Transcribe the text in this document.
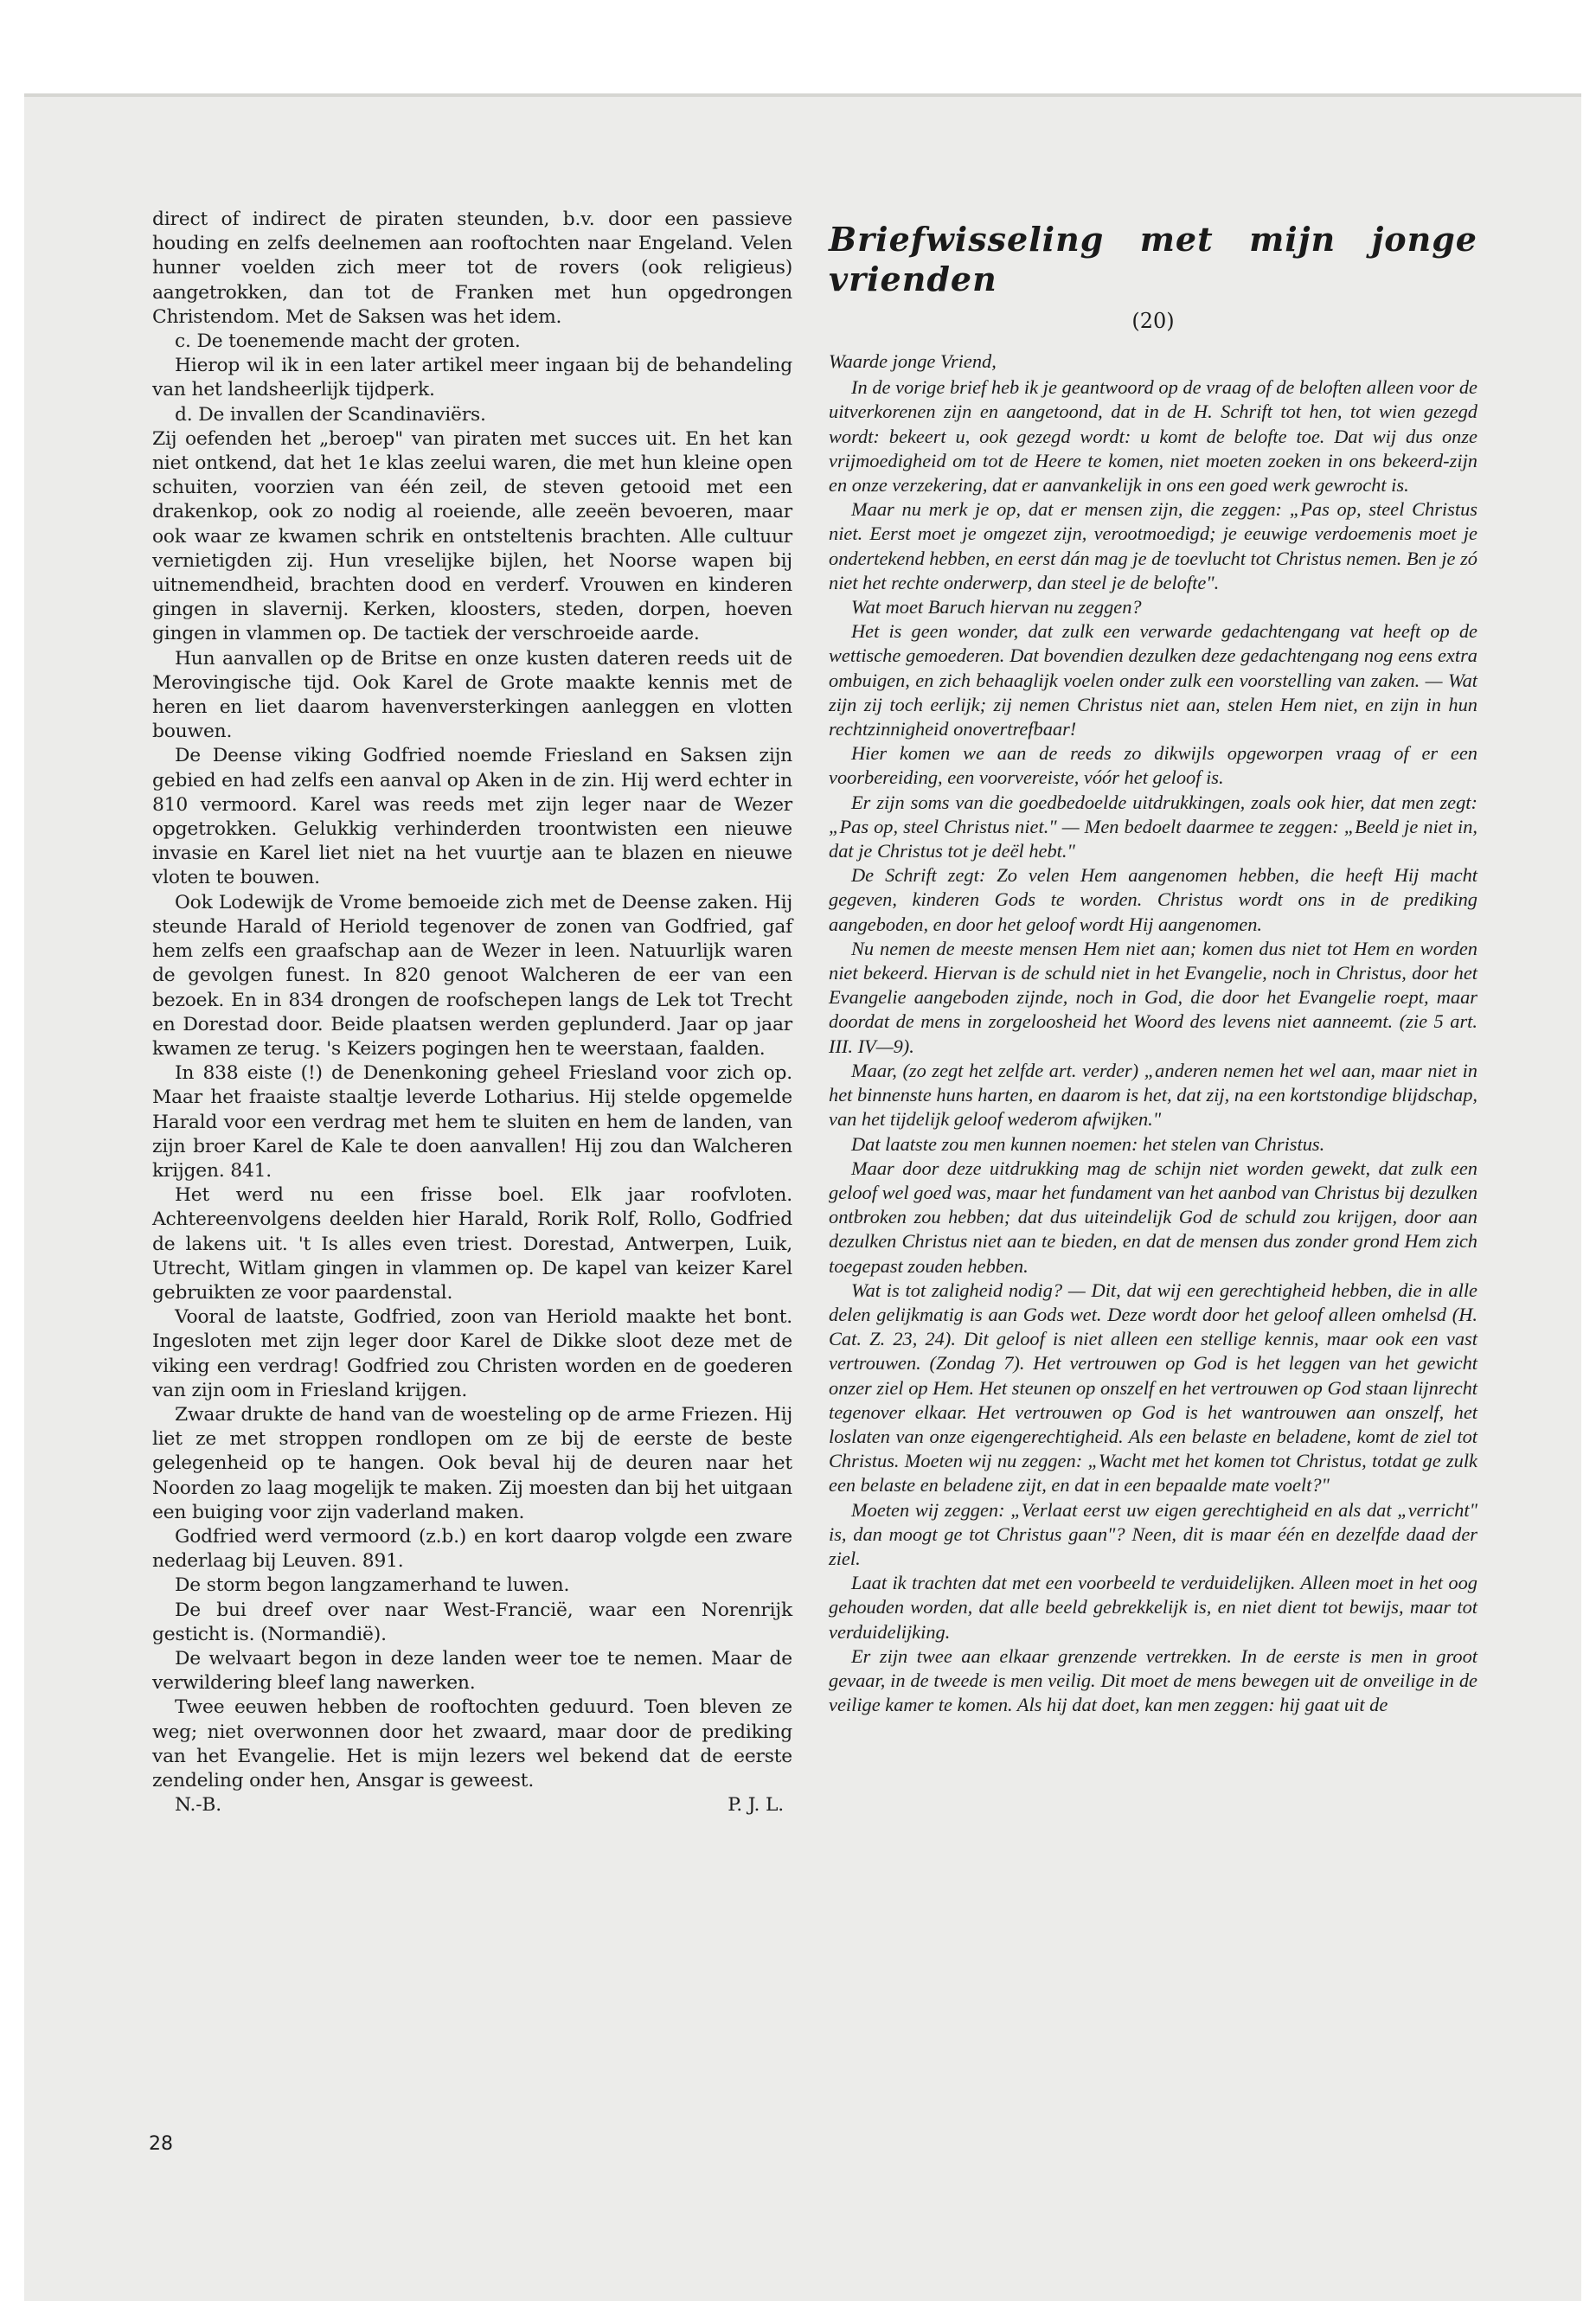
direct of indirect de piraten steunden, b.v. door een passieve houding en zelfs deelnemen aan rooftochten naar Engeland. Velen hunner voelden zich meer tot de rovers (ook religieus) aangetrokken, dan tot de Franken met hun opgedrongen Christendom. Met de Saksen was het idem.

c. De toenemende macht der groten.

Hierop wil ik in een later artikel meer ingaan bij de behandeling van het landsheerlijk tijdperk.

d. De invallen der Scandinaviërs.

Zij oefenden het „beroep" van piraten met succes uit. En het kan niet ontkend, dat het 1e klas zeelui waren, die met hun kleine open schuiten, voorzien van één zeil, de steven getooid met een drakenkop, ook zo nodig al roeiende, alle zeeën bevoeren, maar ook waar ze kwamen schrik en ontsteltenis brachten. Alle cultuur vernietigden zij. Hun vreselijke bijlen, het Noorse wapen bij uitnemendheid, brachten dood en verderf. Vrouwen en kinderen gingen in slavernij. Kerken, kloosters, steden, dorpen, hoeven gingen in vlammen op. De tactiek der verschroeide aarde.

Hun aanvallen op de Britse en onze kusten dateren reeds uit de Merovingische tijd. Ook Karel de Grote maakte kennis met de heren en liet daarom havenversterkingen aanleggen en vlotten bouwen.

De Deense viking Godfried noemde Friesland en Saksen zijn gebied en had zelfs een aanval op Aken in de zin. Hij werd echter in 810 vermoord. Karel was reeds met zijn leger naar de Wezer opgetrokken. Gelukkig verhinderden troontwisten een nieuwe invasie en Karel liet niet na het vuurtje aan te blazen en nieuwe vloten te bouwen.

Ook Lodewijk de Vrome bemoeide zich met de Deense zaken. Hij steunde Harald of Heriold tegenover de zonen van Godfried, gaf hem zelfs een graafschap aan de Wezer in leen. Natuurlijk waren de gevolgen funest. In 820 genoot Walcheren de eer van een bezoek. En in 834 drongen de roofschepen langs de Lek tot Trecht en Dorestad door. Beide plaatsen werden geplunderd. Jaar op jaar kwamen ze terug. 's Keizers pogingen hen te weerstaan, faalden.

In 838 eiste (!) de Denenkoning geheel Friesland voor zich op. Maar het fraaiste staaltje leverde Lotharius. Hij stelde opgemelde Harald voor een verdrag met hem te sluiten en hem de landen, van zijn broer Karel de Kale te doen aanvallen! Hij zou dan Walcheren krijgen. 841.

Het werd nu een frisse boel. Elk jaar roofvloten. Achtereenvolgens deelden hier Harald, Rorik Rolf, Rollo, Godfried de lakens uit. 't Is alles even triest. Dorestad, Antwerpen, Luik, Utrecht, Witlam gingen in vlammen op. De kapel van keizer Karel gebruikten ze voor paardenstal.

Vooral de laatste, Godfried, zoon van Heriold maakte het bont. Ingesloten met zijn leger door Karel de Dikke sloot deze met de viking een verdrag! Godfried zou Christen worden en de goederen van zijn oom in Friesland krijgen.

Zwaar drukte de hand van de woesteling op de arme Friezen. Hij liet ze met stroppen rondlopen om ze bij de eerste de beste gelegenheid op te hangen. Ook beval hij de deuren naar het Noorden zo laag mogelijk te maken. Zij moesten dan bij het uitgaan een buiging voor zijn vaderland maken.

Godfried werd vermoord (z.b.) en kort daarop volgde een zware nederlaag bij Leuven. 891.

De storm begon langzamerhand te luwen.

De bui dreef over naar West-Francië, waar een Norenrijk gesticht is. (Normandië).

De welvaart begon in deze landen weer toe te nemen. Maar de verwildering bleef lang nawerken.

Twee eeuwen hebben de rooftochten geduurd. Toen bleven ze weg; niet overwonnen door het zwaard, maar door de prediking van het Evangelie. Het is mijn lezers wel bekend dat de eerste zendeling onder hen, Ansgar is geweest.

N.-B.	P. J. L.

Briefwisseling met mijn jonge vrienden

(20)

Waarde jonge Vriend,

In de vorige brief heb ik je geantwoord op de vraag of de beloften alleen voor de uitverkorenen zijn en aangetoond, dat in de H. Schrift tot hen, tot wien gezegd wordt: bekeert u, ook gezegd wordt: u komt de belofte toe. Dat wij dus onze vrijmoedigheid om tot de Heere te komen, niet moeten zoeken in ons bekeerd-zijn en onze verzekering, dat er aanvankelijk in ons een goed werk gewrocht is.

Maar nu merk je op, dat er mensen zijn, die zeggen: „Pas op, steel Christus niet. Eerst moet je omgezet zijn, verootmoedigd; je eeuwige verdoemenis moet je ondertekend hebben, en eerst dán mag je de toevlucht tot Christus nemen. Ben je zó niet het rechte onderwerp, dan steel je de belofte".

Wat moet Baruch hiervan nu zeggen?

Het is geen wonder, dat zulk een verwarde gedachtengang vat heeft op de wettische gemoederen. Dat bovendien dezulken deze gedachtengang nog eens extra ombuigen, en zich behaaglijk voelen onder zulk een voorstelling van zaken. — Wat zijn zij toch eerlijk; zij nemen Christus niet aan, stelen Hem niet, en zijn in hun rechtzinnigheid onovertrefbaar!

Hier komen we aan de reeds zo dikwijls opgeworpen vraag of er een voorbereiding, een voorvereiste, vóór het geloof is.

Er zijn soms van die goedbedoelde uitdrukkingen, zoals ook hier, dat men zegt: „Pas op, steel Christus niet." — Men bedoelt daarmee te zeggen: „Beeld je niet in, dat je Christus tot je deël hebt."

De Schrift zegt: Zo velen Hem aangenomen hebben, die heeft Hij macht gegeven, kinderen Gods te worden. Christus wordt ons in de prediking aangeboden, en door het geloof wordt Hij aangenomen.

Nu nemen de meeste mensen Hem niet aan; komen dus niet tot Hem en worden niet bekeerd. Hiervan is de schuld niet in het Evangelie, noch in Christus, door het Evangelie aangeboden zijnde, noch in God, die door het Evangelie roept, maar doordat de mens in zorgeloosheid het Woord des levens niet aanneemt. (zie 5 art. III. IV—9).

Maar, (zo zegt het zelfde art. verder) „anderen nemen het wel aan, maar niet in het binnenste huns harten, en daarom is het, dat zij, na een kortstondige blijdschap, van het tijdelijk geloof wederom afwijken."

Dat laatste zou men kunnen noemen: het stelen van Christus.

Maar door deze uitdrukking mag de schijn niet worden gewekt, dat zulk een geloof wel goed was, maar het fundament van het aanbod van Christus bij dezulken ontbroken zou hebben; dat dus uiteindelijk God de schuld zou krijgen, door aan dezulken Christus niet aan te bieden, en dat de mensen dus zonder grond Hem zich toegepast zouden hebben.

Wat is tot zaligheid nodig? — Dit, dat wij een gerechtigheid hebben, die in alle delen gelijkmatig is aan Gods wet. Deze wordt door het geloof alleen omhelsd (H. Cat. Z. 23, 24). Dit geloof is niet alleen een stellige kennis, maar ook een vast vertrouwen. (Zondag 7). Het vertrouwen op God is het leggen van het gewicht onzer ziel op Hem. Het steunen op onszelf en het vertrouwen op God staan lijnrecht tegenover elkaar. Het vertrouwen op God is het wantrouwen aan onszelf, het loslaten van onze eigengerechtigheid. Als een belaste en beladene, komt de ziel tot Christus. Moeten wij nu zeggen: „Wacht met het komen tot Christus, totdat ge zulk een belaste en beladene zijt, en dat in een bepaalde mate voelt?"

Moeten wij zeggen: „Verlaat eerst uw eigen gerechtigheid en als dat „verricht" is, dan moogt ge tot Christus gaan"? Neen, dit is maar één en dezelfde daad der ziel.

Laat ik trachten dat met een voorbeeld te verduidelijken. Alleen moet in het oog gehouden worden, dat alle beeld gebrekkelijk is, en niet dient tot bewijs, maar tot verduidelijking.

Er zijn twee aan elkaar grenzende vertrekken. In de eerste is men in groot gevaar, in de tweede is men veilig. Dit moet de mens bewegen uit de onveilige in de veilige kamer te komen. Als hij dat doet, kan men zeggen: hij gaat uit de

28
